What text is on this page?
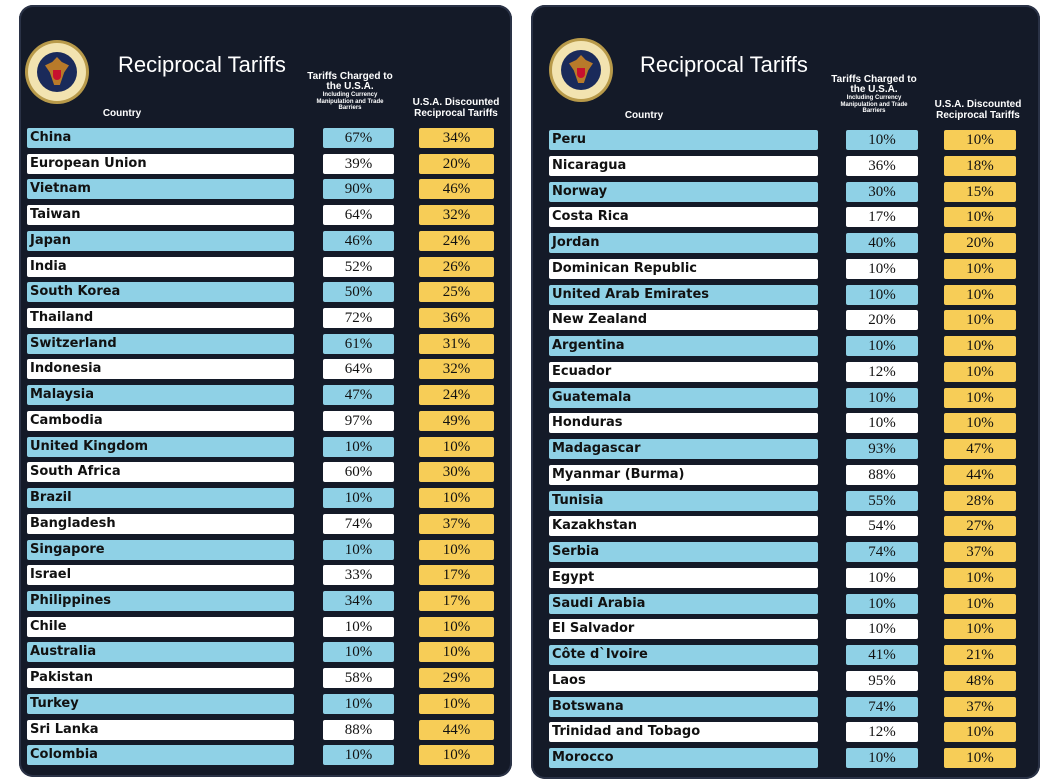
Reciprocal Tariffs
Country
Tariffs Charged to the U.S.A.
Including Currency Manipulation and Trade Barriers	U.S.A. Discounted Reciprocal Tariffs
China	67%	34%
European Union	39%	20%
Vietnam	90%	46%
Taiwan	64%	32%
Japan	46%	24%
India	52%	26%
South Korea	50%	25%
Thailand	72%	36%
Switzerland	61%	31%
Indonesia	64%	32%
Malaysia	47%	24%
Cambodia	97%	49%
United Kingdom	10%	10%
South Africa	60%	30%
Brazil	10%	10%
Bangladesh	74%	37%
Singapore	10%	10%
Israel	33%	17%
Philippines	34%	17%
Chile	10%	10%
Australia	10%	10%
Pakistan	58%	29%
Turkey	10%	10%
Sri Lanka	88%	44%
Colombia	10%	10%
Reciprocal Tariffs
Country
Tariffs Charged to the U.S.A.
Including Currency Manipulation and Trade Barriers
U.S.A. Discounted Reciprocal Tariffs
Peru	10%	10%
Nicaragua	36%	18%
Norway	30%	15%
Costa Rica	17%	10%
Jordan	40%	20%
Dominican Republic	10%	10%
United Arab Emirates	10%	10%
New Zealand	20%	10%
Argentina	10%	10%
Ecuador	12%	10%
Guatemala	10%	10%
Honduras	10%	10%
Madagascar	93%	47%
Myanmar (Burma)	88%	44%
Tunisia	55%	28%
Kazakhstan	54%	27%
Serbia	74%	37%
Egypt	10%	10%
Saudi Arabia	10%	10%
El Salvador	10%	10%
Côte d`Ivoire	41%	21%
Laos	95%	48%
Botswana	74%	37%
Trinidad and Tobago	12%	10%
Morocco	10%	10%
